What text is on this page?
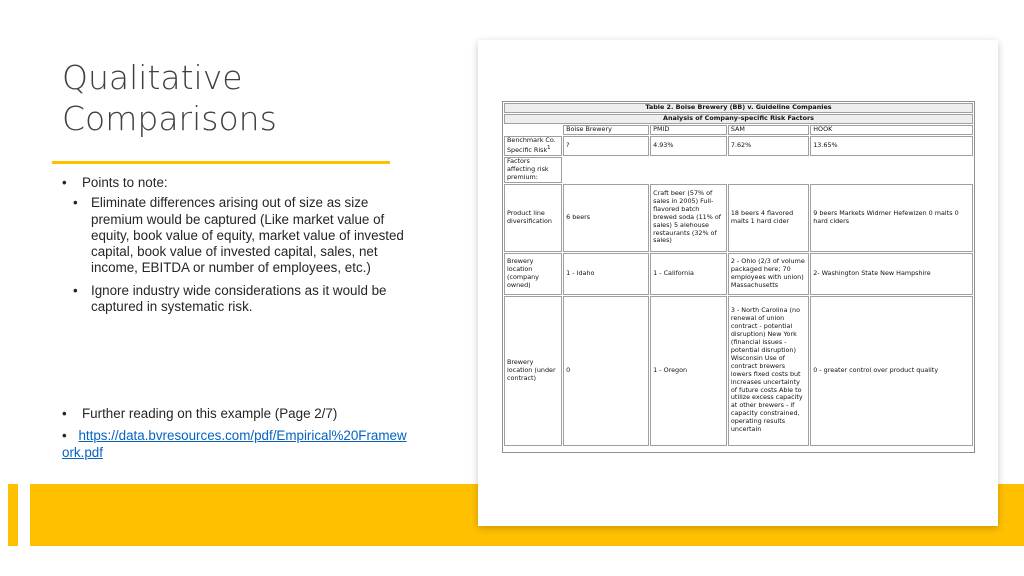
Qualitative
Comparisons
• Points to note:
• Eliminate differences arising out of size as size premium would be captured (Like market value of equity, book value of equity, market value of invested capital, book value of invested capital, sales, net income, EBITDA or number of employees, etc.)
• Ignore industry wide considerations as it would be captured in systematic risk.
• Further reading on this example (Page 2/7)
• https://data.bvresources.com/pdf/Empirical%20Framework.pdf
Table 2. Boise Brewery (BB) v. Guideline Companies				
Analysis of Company-specific Risk Factors				
	Boise Brewery	PMID	SAM	HOOK
Benchmark Co. Specific Risk$^1$	?	4.93%	7.62%	13.65%
Factors affecting risk premium:				
Product line diversification	6 beers	Craft beer (57% of sales in 2005) Full-flavored batch brewed soda (11% of sales) 5 alehouse restaurants (32% of sales)	18 beers 4 flavored malts 1 hard cider	9 beers Markets Widmer Hefewizen 0 malts 0 hard ciders
Brewery location (company owned)	1 - Idaho	1 - California	2 - Ohio (2/3 of volume packaged here; 70 employees with union) Massachusetts	2- Washington State New Hampshire
Brewery location (under contract)	0	1 - Oregon	3 - North Carolina (no renewal of union contract - potential disruption) New York (financial issues - potential disruption) Wisconsin Use of contract brewers lowers fixed costs but increases uncertainty of future costs Able to utilize excess capacity at other brewers - if capacity constrained, operating results uncertain	0 - greater control over product quality
